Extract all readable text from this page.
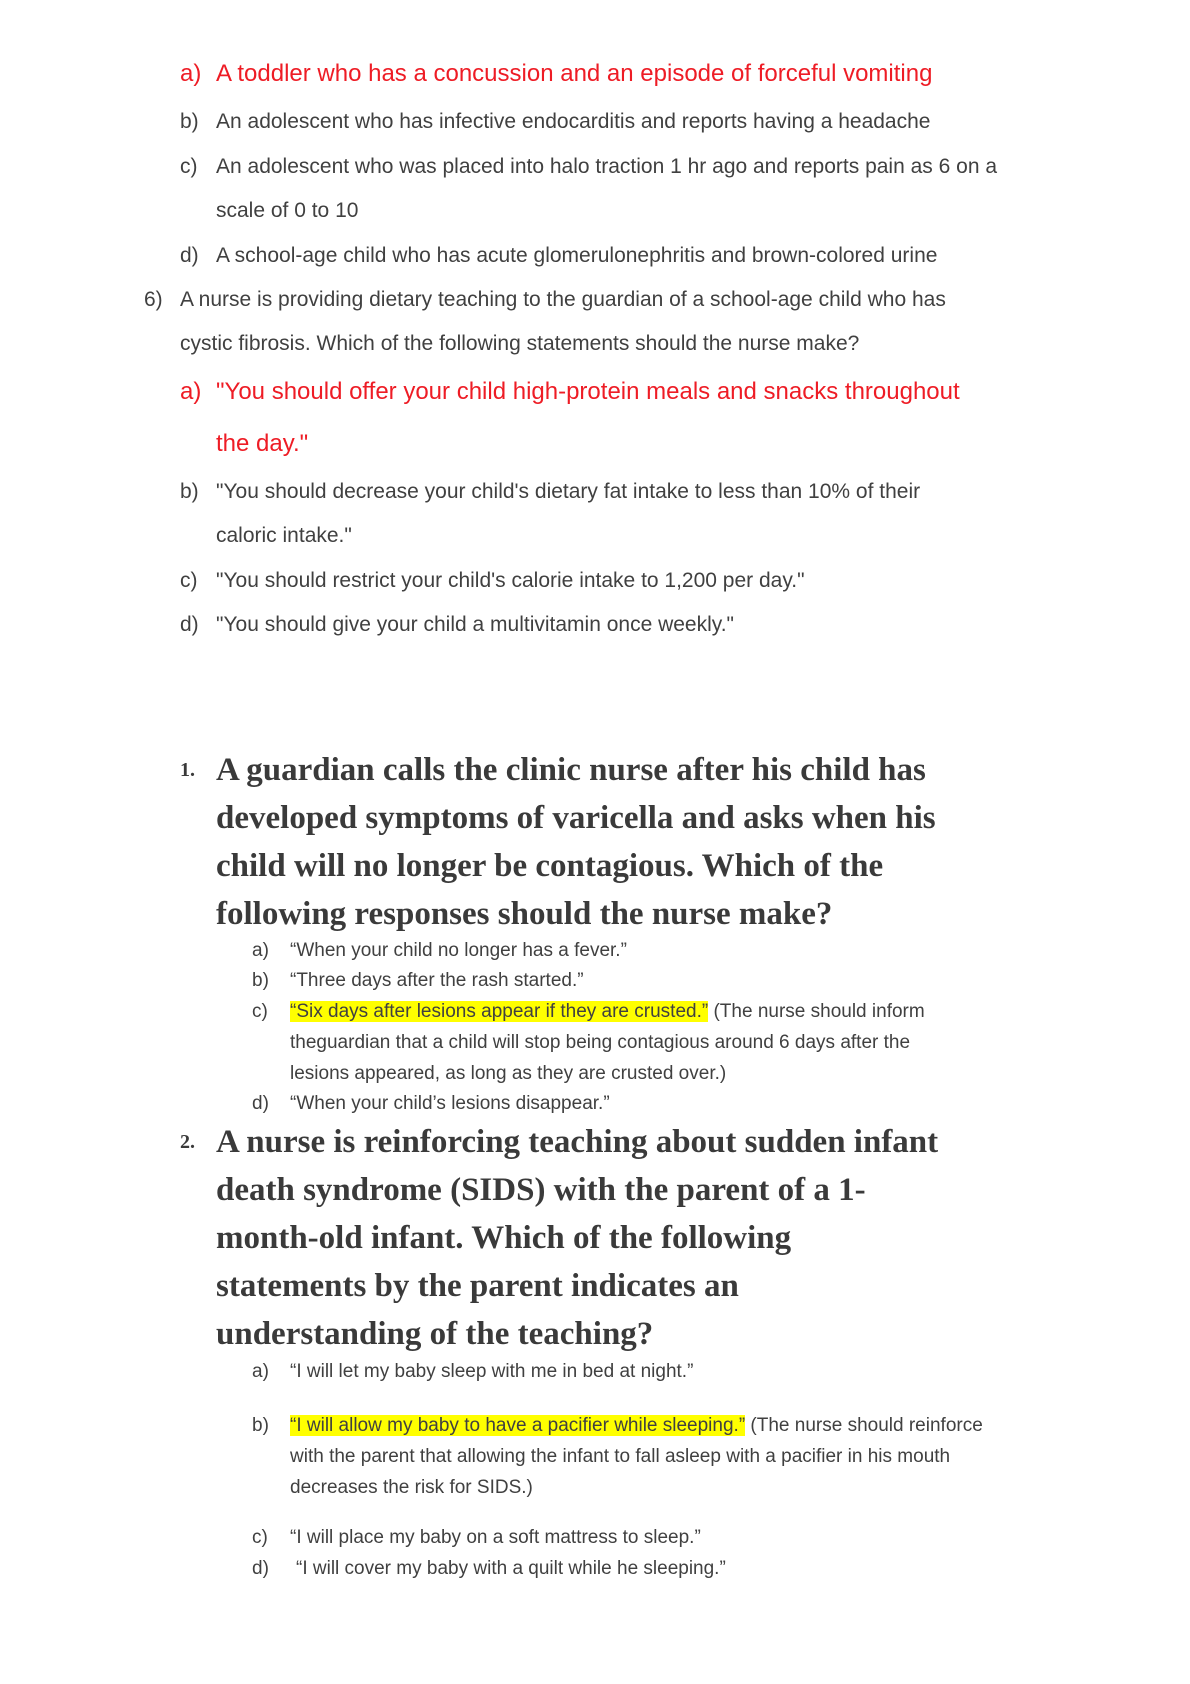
a) A toddler who has a concussion and an episode of forceful vomiting
b) An adolescent who has infective endocarditis and reports having a headache
c) An adolescent who was placed into halo traction 1 hr ago and reports pain as 6 on a
scale of 0 to 10
d) A school-age child who has acute glomerulonephritis and brown-colored urine
6) A nurse is providing dietary teaching to the guardian of a school-age child who has
cystic fibrosis. Which of the following statements should the nurse make?
a) "You should offer your child high-protein meals and snacks throughout
the day."
b) "You should decrease your child's dietary fat intake to less than 10% of their
caloric intake."
c) "You should restrict your child's calorie intake to 1,200 per day."
d) "You should give your child a multivitamin once weekly."
1. A guardian calls the clinic nurse after his child has
developed symptoms of varicella and asks when his
child will no longer be contagious. Which of the
following responses should the nurse make?
a) “When your child no longer has a fever.”
b) “Three days after the rash started.”
c) “Six days after lesions appear if they are crusted.” (The nurse should inform
theguardian that a child will stop being contagious around 6 days after the
lesions appeared, as long as they are crusted over.)
d) “When your child’s lesions disappear.”
2. A nurse is reinforcing teaching about sudden infant
death syndrome (SIDS) with the parent of a 1-
month-old infant. Which of the following
statements by the parent indicates an
understanding of the teaching?
a) “I will let my baby sleep with me in bed at night.”
b) “I will allow my baby to have a pacifier while sleeping.” (The nurse should reinforce
with the parent that allowing the infant to fall asleep with a pacifier in his mouth
decreases the risk for SIDS.)
c) “I will place my baby on a soft mattress to sleep.”
d) “I will cover my baby with a quilt while he sleeping.”
